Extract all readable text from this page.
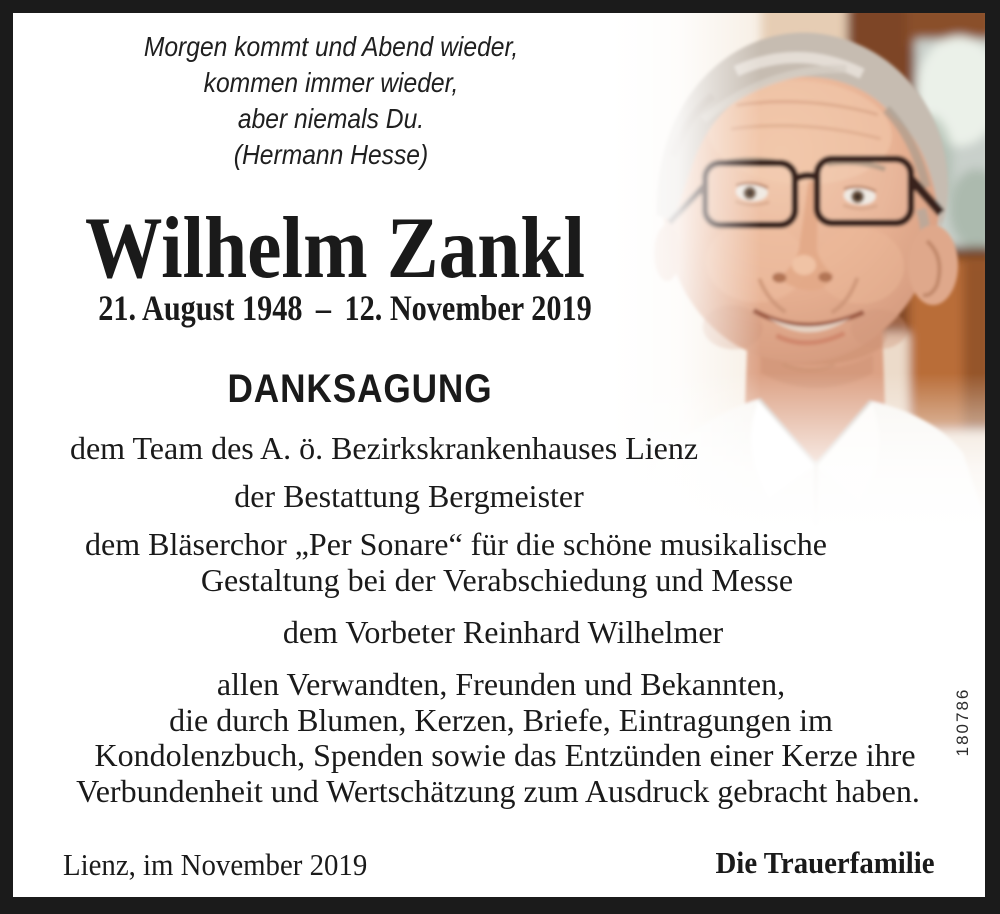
Morgen kommt und Abend wieder,
kommen immer wieder,
aber niemals Du.
(Hermann Hesse)
Wilhelm Zankl
21. August 1948 – 12. November 2019
DANKSAGUNG
dem Team des A. ö. Bezirkskrankenhauses Lienz
der Bestattung Bergmeister
dem Bläserchor „Per Sonare“ für die schöne musikalische
Gestaltung bei der Verabschiedung und Messe
dem Vorbeter Reinhard Wilhelmer
allen Verwandten, Freunden und Bekannten,
die durch Blumen, Kerzen, Briefe, Eintragungen im
Kondolenzbuch, Spenden sowie das Entzünden einer Kerze ihre
Verbundenheit und Wertschätzung zum Ausdruck gebracht haben.
Lienz, im November 2019	Die Trauerfamilie
180786
